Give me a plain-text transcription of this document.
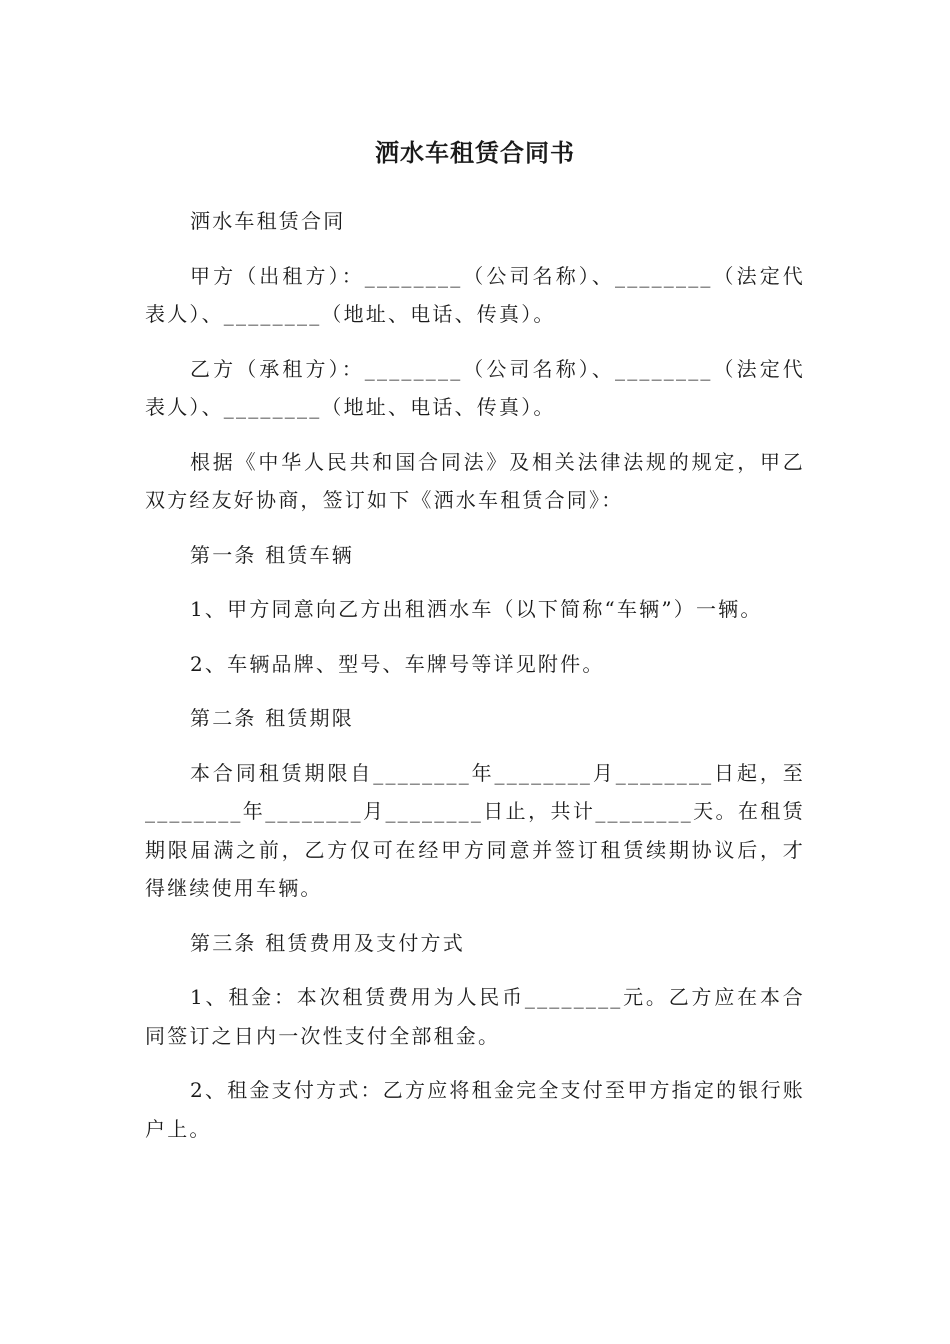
洒水车租赁合同书

洒水车租赁合同

甲方（出租方）：________（公司名称）、________（法定代表人）、________（地址、电话、传真）。

乙方（承租方）：________（公司名称）、________（法定代表人）、________（地址、电话、传真）。

根据《中华人民共和国合同法》及相关法律法规的规定，甲乙双方经友好协商，签订如下《洒水车租赁合同》：

第一条 租赁车辆

1、甲方同意向乙方出租洒水车（以下简称“车辆”）一辆。

2、车辆品牌、型号、车牌号等详见附件。

第二条 租赁期限

本合同租赁期限自________年________月________日起，至________年________月________日止，共计________天。在租赁期限届满之前，乙方仅可在经甲方同意并签订租赁续期协议后，才得继续使用车辆。

第三条 租赁费用及支付方式

1、租金：本次租赁费用为人民币________元。乙方应在本合同签订之日内一次性支付全部租金。

2、租金支付方式：乙方应将租金完全支付至甲方指定的银行账户上。
